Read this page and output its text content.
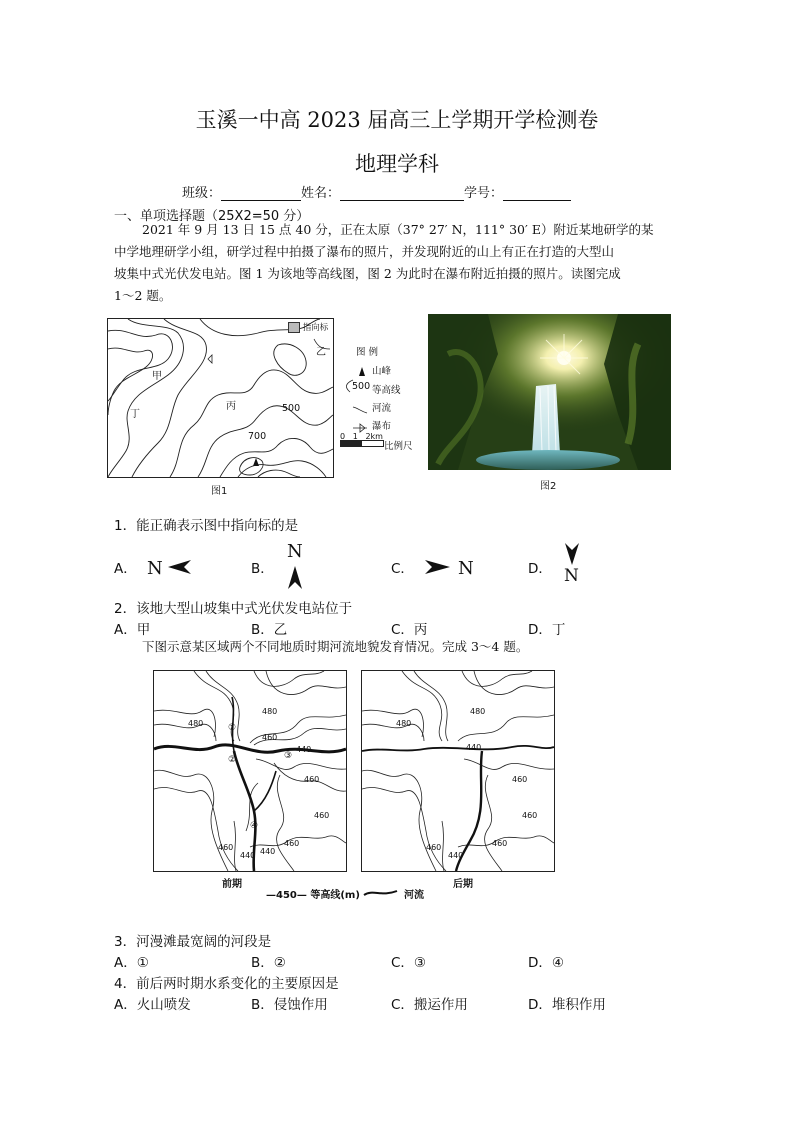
玉溪一中高 2023 届高三上学期开学检测卷
地理学科
班级：	姓名：	学号：
一、单项选择题（25X2=50 分）
2021 年 9 月 13 日 15 点 40 分，正在太原（37° 27′ N，111° 30′ E）附近某地研学的某
中学地理研学小组，研学过程中拍摄了瀑布的照片，并发现附近的山上有正在打造的大型山
坡集中式光伏发电站。图 1 为该地等高线图，图 2 为此时在瀑布附近拍摄的照片。读图完成
1～2 题。
指向标
甲
乙
丙
丁
500
700
图 例
山峰
500 等高线
河流
瀑布
0   1   2km
比例尺
图1	图2
1．能正确表示图中指向标的是
A． N	B．
N
C． N	D． N
2．该地大型山坡集中式光伏发电站位于
A．甲	B．乙	C．丙	D．丁
下图示意某区域两个不同地质时期河流地貌发育情况。完成 3～4 题。
480
480
460
460
440
460
460	460
440
440
①
②	③
④
480
480
460
440
460
460	460
440
前期	后期
—450— 等高线(m)	河流
3．河漫滩最宽阔的河段是
A．①	B．②	C．③	D．④
4．前后两时期水系变化的主要原因是
A．火山喷发	B．侵蚀作用	C．搬运作用	D．堆积作用
